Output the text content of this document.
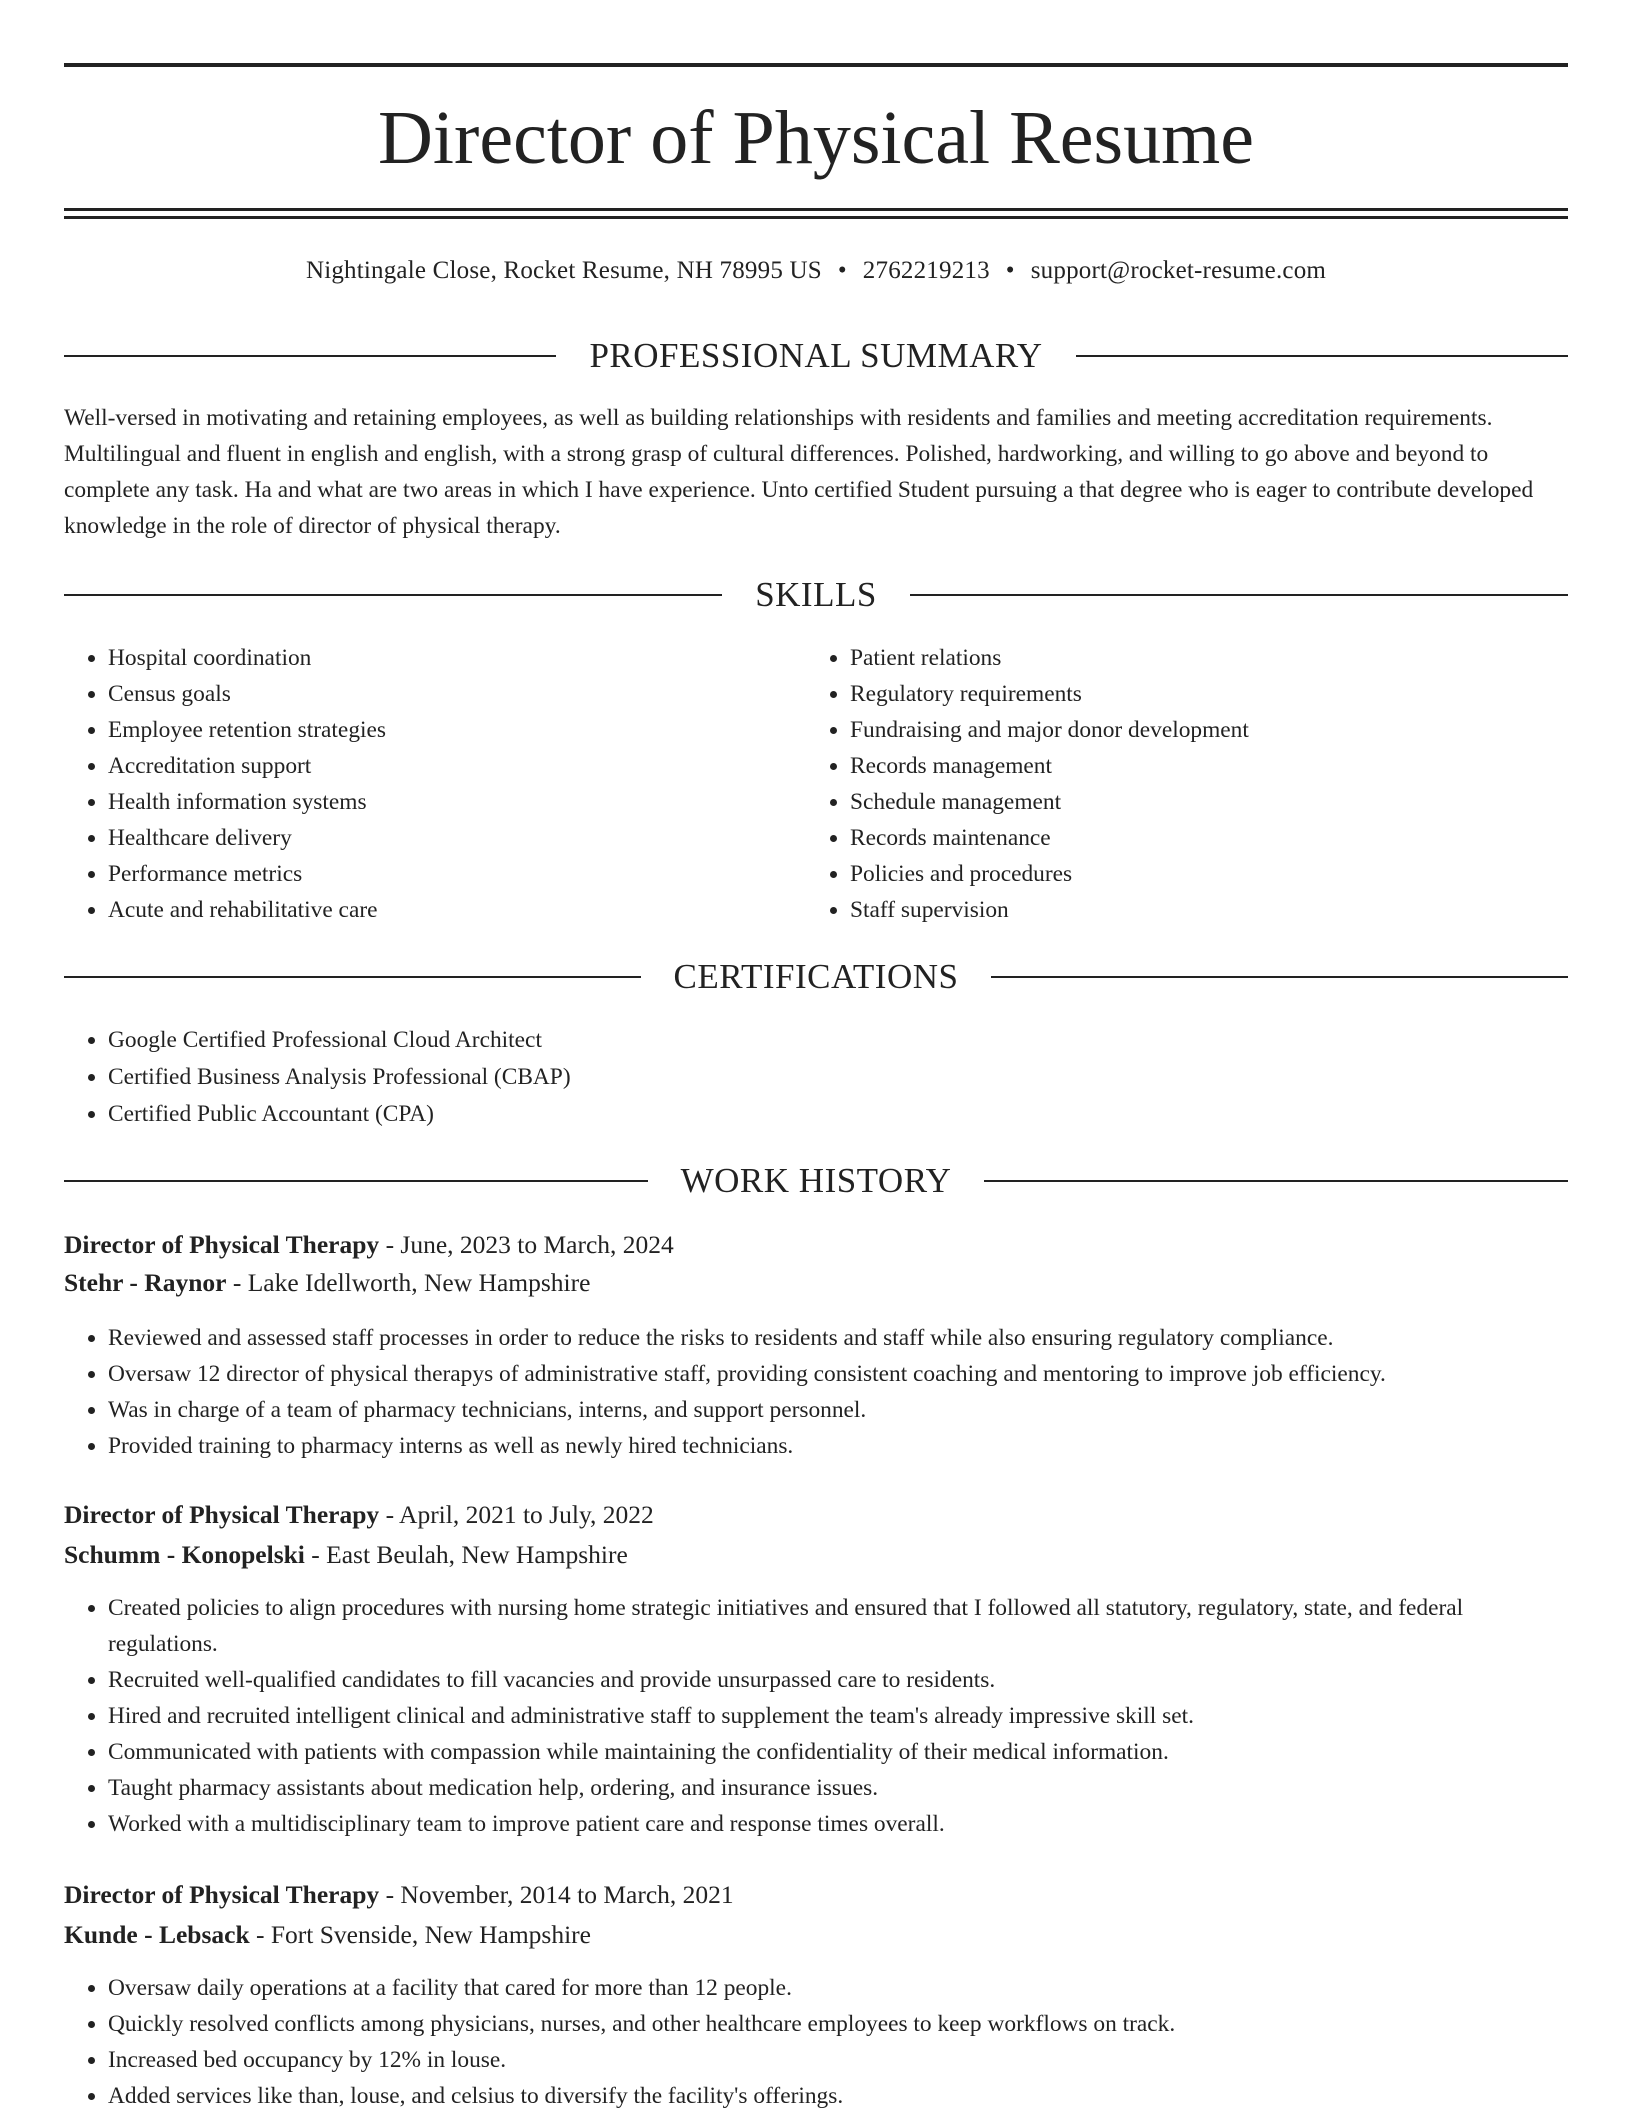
Director of Physical Resume
Nightingale Close, Rocket Resume, NH 78995 US • 2762219213 • support@rocket-resume.com
PROFESSIONAL SUMMARY

Well-versed in motivating and retaining employees, as well as building relationships with residents and families and meeting accreditation requirements. Multilingual and fluent in english and english, with a strong grasp of cultural differences. Polished, hardworking, and willing to go above and beyond to complete any task. Ha and what are two areas in which I have experience. Unto certified Student pursuing a that degree who is eager to contribute developed knowledge in the role of director of physical therapy.

SKILLS
• Hospital coordination
• Census goals
• Employee retention strategies
• Accreditation support
• Health information systems
• Healthcare delivery
• Performance metrics
• Acute and rehabilitative care
• Patient relations
• Regulatory requirements
• Fundraising and major donor development
• Records management
• Schedule management
• Records maintenance
• Policies and procedures
• Staff supervision
CERTIFICATIONS
• Google Certified Professional Cloud Architect
• Certified Business Analysis Professional (CBAP)
• Certified Public Accountant (CPA)
WORK HISTORY

Director of Physical Therapy - June, 2023 to March, 2024

Stehr - Raynor - Lake Idellworth, New Hampshire

• Reviewed and assessed staff processes in order to reduce the risks to residents and staff while also ensuring regulatory compliance.
• Oversaw 12 director of physical therapys of administrative staff, providing consistent coaching and mentoring to improve job efficiency.
• Was in charge of a team of pharmacy technicians, interns, and support personnel.
• Provided training to pharmacy interns as well as newly hired technicians.

Director of Physical Therapy - April, 2021 to July, 2022

Schumm - Konopelski - East Beulah, New Hampshire

• Created policies to align procedures with nursing home strategic initiatives and ensured that I followed all statutory, regulatory, state, and federal regulations.
• Recruited well-qualified candidates to fill vacancies and provide unsurpassed care to residents.
• Hired and recruited intelligent clinical and administrative staff to supplement the team's already impressive skill set.
• Communicated with patients with compassion while maintaining the confidentiality of their medical information.
• Taught pharmacy assistants about medication help, ordering, and insurance issues.
• Worked with a multidisciplinary team to improve patient care and response times overall.

Director of Physical Therapy - November, 2014 to March, 2021

Kunde - Lebsack - Fort Svenside, New Hampshire

• Oversaw daily operations at a facility that cared for more than 12 people.
• Quickly resolved conflicts among physicians, nurses, and other healthcare employees to keep workflows on track.
• Increased bed occupancy by 12% in louse.
• Added services like than, louse, and celsius to diversify the facility's offerings.
